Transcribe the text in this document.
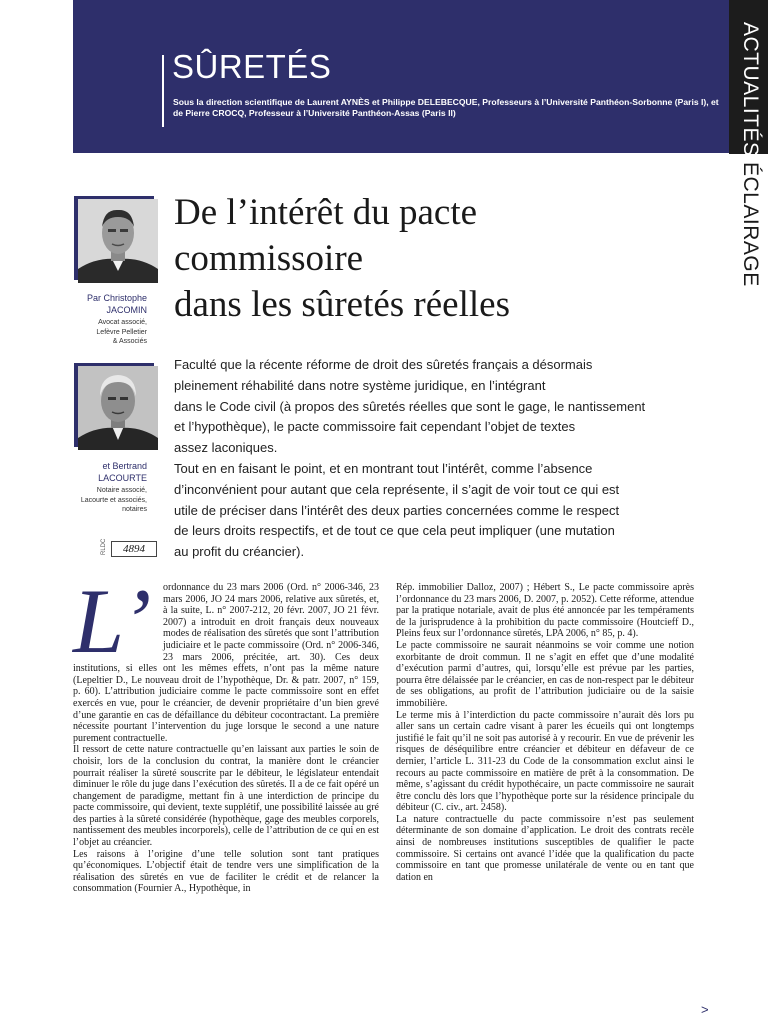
SÛRETÉS
Sous la direction scientifique de Laurent AYNÈS et Philippe DELEBECQUE, Professeurs à l’Université Panthéon-Sorbonne (Paris I), et de Pierre CROCQ, Professeur à l’Université Panthéon-Assas (Paris II)	ACTUALITÉS
ÉCLAIRAGE
Par Christophe
JACOMIN
Avocat associé,
Lefèvre Pelletier
& Associés
et Bertrand
LACOURTE
Notaire associé,
Lacourte et associés,
notaires
RLDC	4894
De l’intérêt du pacte
commissoire
dans les sûretés réelles
Faculté que la récente réforme de droit des sûretés français a désormais
pleinement réhabilité dans notre système juridique, en l’intégrant
dans le Code civil (à propos des sûretés réelles que sont le gage, le nantissement
et l’hypothèque), le pacte commissoire fait cependant l’objet de textes
assez laconiques.
Tout en en faisant le point, et en montrant tout l’intérêt, comme l’absence
d’inconvénient pour autant que cela représente, il s’agit de voir tout ce qui est
utile de préciser dans l’intérêt des deux parties concernées comme le respect
de leurs droits respectifs, et de tout ce que cela peut impliquer (une mutation
au profit du créancier).
L’	ordonnance du 23 mars 2006 (Ord. n° 2006-346, 23 mars 2006, JO 24 mars 2006, relative aux sûretés, et, à la suite, L. n° 2007-212, 20 févr. 2007, JO 21 févr. 2007) a introduit en droit français deux nouveaux modes de réalisation des sûretés que sont l’attribution judiciaire et le pacte commissoire (Ord. n° 2006-346, 23 mars 2006, précitée, art. 30). Ces deux institutions, si elles ont les mêmes effets, n’ont pas la même nature (Lepeltier D., Le nouveau droit de l’hypothèque, Dr. & patr. 2007, n° 159, p. 60). L’attribution judiciaire comme le pacte commissoire sont en effet exercés en vue, pour le créancier, de devenir propriétaire d’un bien grevé d’une garantie en cas de défaillance du débiteur cocontractant. La première nécessite pourtant l’intervention du juge lorsque le second a une nature purement contractuelle.

Il ressort de cette nature contractuelle qu’en laissant aux parties le soin de choisir, lors de la conclusion du contrat, la manière dont le créancier pourrait réaliser la sûreté souscrite par le débiteur, le législateur entendait diminuer le rôle du juge dans l’exécution des sûretés. Il a de ce fait opéré un changement de paradigme, mettant fin à une interdiction de principe du pacte commissoire, qui devient, texte supplétif, une possibilité laissée au gré des parties à la sûreté considérée (hypothèque, gage des meubles corporels, nantissement des meubles incorporels), celle de l’attribution de ce qui en est l’objet au créancier.

Les raisons à l’origine d’une telle solution sont tant pratiques qu’économiques. L’objectif était de tendre vers une simplification de la réalisation des sûretés en vue de faciliter le crédit et de relancer la consommation (Fournier A., Hypothèque, in

Rép. immobilier Dalloz, 2007) ; Hébert S., Le pacte commissoire après l’ordonnance du 23 mars 2006, D. 2007, p. 2052). Cette réforme, attendue par la pratique notariale, avait de plus été annoncée par les tempéraments de la jurisprudence à la prohibition du pacte commissoire (Houtcieff D., Pleins feux sur l’ordonnance sûretés, LPA 2006, n° 85, p. 4).

Le pacte commissoire ne saurait néanmoins se voir comme une notion exorbitante de droit commun. Il ne s’agit en effet que d’une modalité d’exécution parmi d’autres, qui, lorsqu’elle est prévue par les parties, pourra être délaissée par le créancier, en cas de non-respect par le débiteur de ses obligations, au profit de l’attribution judiciaire ou de la saisie immobilière.

Le terme mis à l’interdiction du pacte commissoire n’aurait dès lors pu aller sans un certain cadre visant à parer les écueils qui ont longtemps justifié le fait qu’il ne soit pas autorisé à y recourir. En vue de prévenir les risques de déséquilibre entre créancier et débiteur en défaveur de ce dernier, l’article L. 311-23 du Code de la consommation exclut ainsi le recours au pacte commissoire en matière de prêt à la consommation. De même, s’agissant du crédit hypothécaire, un pacte commissoire ne saurait être conclu dès lors que l’hypothèque porte sur la résidence principale du débiteur (C. civ., art. 2458).

La nature contractuelle du pacte commissoire n’est pas seulement déterminante de son domaine d’application. Le droit des contrats recèle ainsi de nombreuses institutions susceptibles de qualifier le pacte commissoire. Si certains ont avancé l’idée que la qualification du pacte commissoire en tant que promesse unilatérale de vente ou en tant que dation en

>
